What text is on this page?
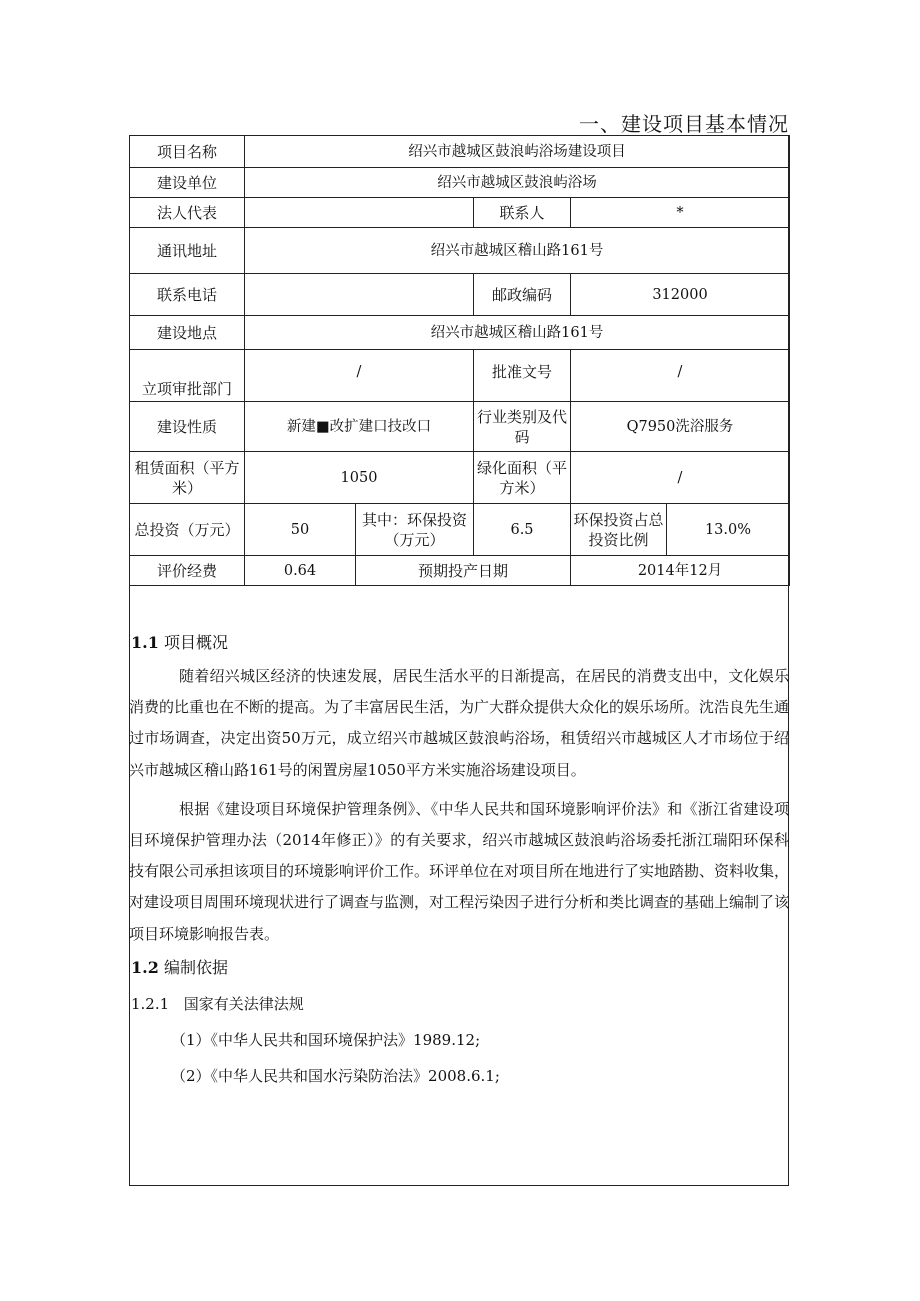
一、建设项目基本情况
项目名称	绍兴市越城区鼓浪屿浴场建设项目				
建设单位	绍兴市越城区鼓浪屿浴场				
法人代表			联系人	*	
通讯地址	绍兴市越城区稽山路161号				
联系电话			邮政编码	312000	
建设地点	绍兴市越城区稽山路161号				
立项审批部门	/		批准文号	/	
建设性质	新建■改扩建口技改口		行业类别及代码	Q7950洗浴服务	
租赁面积（平方米）	1050		绿化面积（平方米）	/	
总投资（万元）	50	其中：环保投资（万元）	6.5	环保投资占总投资比例	13.0%
评价经费	0.64	预期投产日期		2014年12月	
1.1 项目概况

随着绍兴城区经济的快速发展，居民生活水平的日渐提高，在居民的消费支出中，文化娱乐消费的比重也在不断的提高。为了丰富居民生活，为广大群众提供大众化的娱乐场所。沈浩良先生通过市场调查，决定出资50万元，成立绍兴市越城区鼓浪屿浴场，租赁绍兴市越城区人才市场位于绍兴市越城区稽山路161号的闲置房屋1050平方米实施浴场建设项目。

根据《建设项目环境保护管理条例》、《中华人民共和国环境影响评价法》和《浙江省建设项目环境保护管理办法（2014年修正）》的有关要求，绍兴市越城区鼓浪屿浴场委托浙江瑞阳环保科技有限公司承担该项目的环境影响评价工作。环评单位在对项目所在地进行了实地踏勘、资料收集，对建设项目周围环境现状进行了调查与监测，对工程污染因子进行分析和类比调查的基础上编制了该项目环境影响报告表。

1.2 编制依据
1.2.1 国家有关法律法规
（1）《中华人民共和国环境保护法》1989.12;
（2）《中华人民共和国水污染防治法》2008.6.1;
